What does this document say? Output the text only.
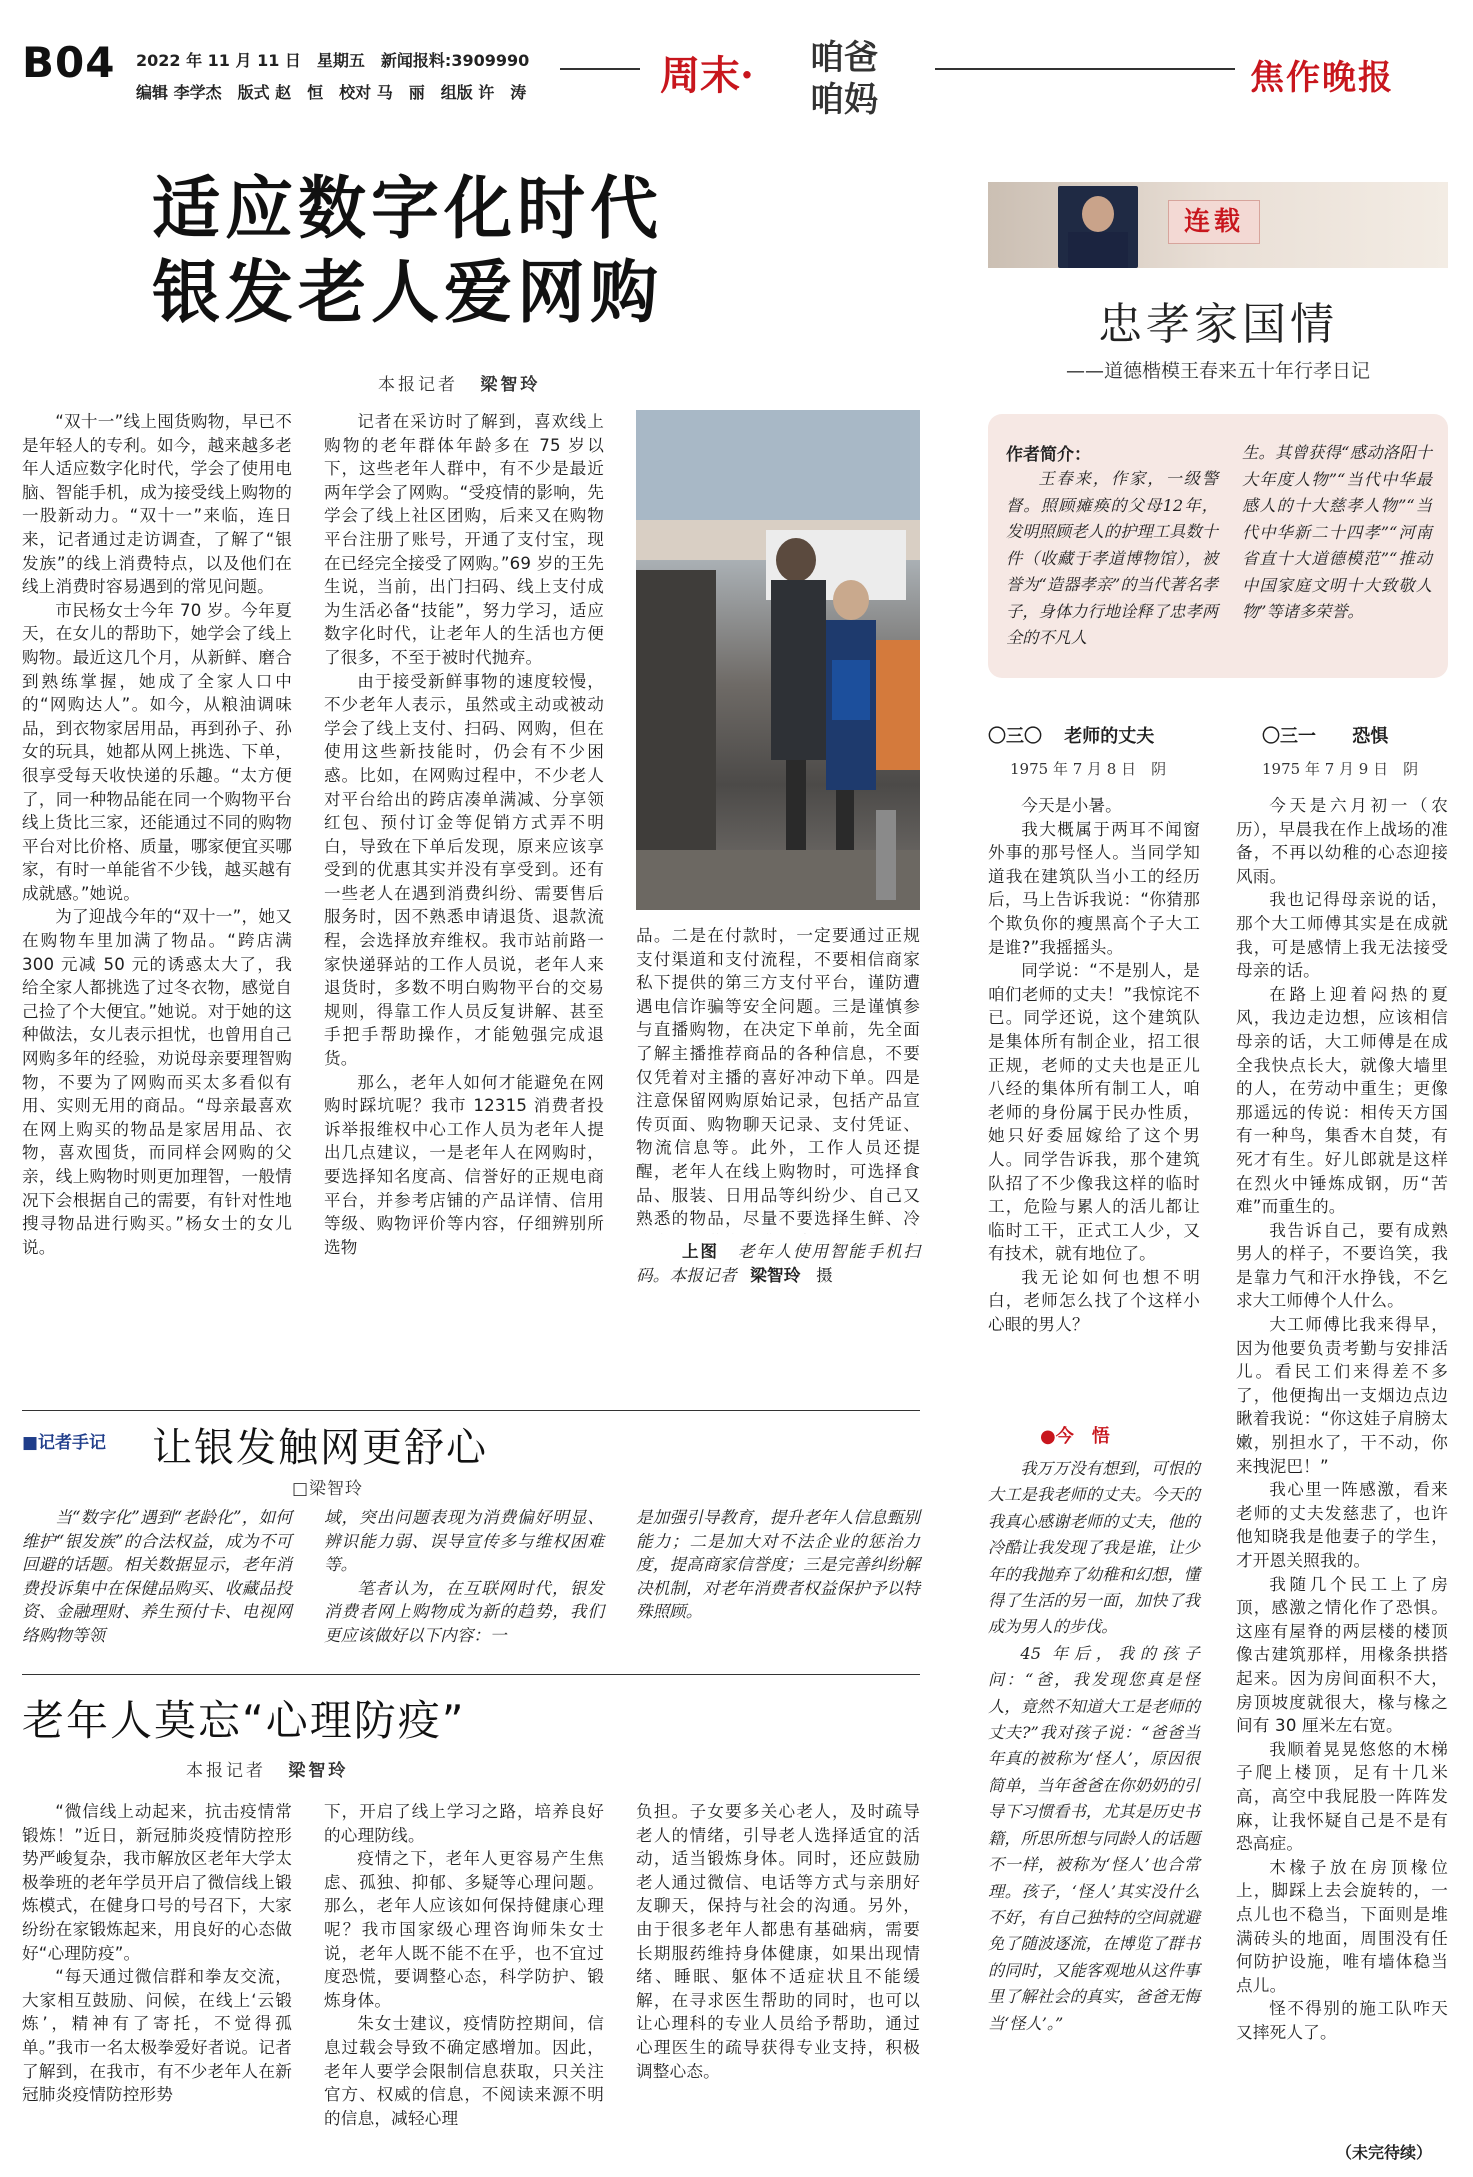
B04 2022 年 11 月 11 日　星期五　新闻报料:3909990
编辑 李学杰　版式 赵　恒　校对 马　丽　组版 许　涛	周末· 咱爸
咱妈
焦作晚报
适应数字化时代
银发老人爱网购
本报记者 梁智玲

“双十一”线上囤货购物，早已不是年轻人的专利。如今，越来越多老年人适应数字化时代，学会了使用电脑、智能手机，成为接受线上购物的一股新动力。“双十一”来临，连日来，记者通过走访调查，了解了“银发族”的线上消费特点，以及他们在线上消费时容易遇到的常见问题。

市民杨女士今年 70 岁。今年夏天，在女儿的帮助下，她学会了线上购物。最近这几个月，从新鲜、磨合到熟练掌握，她成了全家人口中的“网购达人”。如今，从粮油调味品，到衣物家居用品，再到孙子、孙女的玩具，她都从网上挑选、下单，很享受每天收快递的乐趣。“太方便了，同一种物品能在同一个购物平台线上货比三家，还能通过不同的购物平台对比价格、质量，哪家便宜买哪家，有时一单能省不少钱，越买越有成就感。”她说。

为了迎战今年的“双十一”，她又在购物车里加满了物品。“跨店满 300 元减 50 元的诱惑太大了，我给全家人都挑选了过冬衣物，感觉自己捡了个大便宜。”她说。对于她的这种做法，女儿表示担忧，也曾用自己网购多年的经验，劝说母亲要理智购物，不要为了网购而买太多看似有用、实则无用的商品。“母亲最喜欢在网上购买的物品是家居用品、衣物，喜欢囤货，而同样会网购的父亲，线上购物时则更加理智，一般情况下会根据自己的需要，有针对性地搜寻物品进行购买。”杨女士的女儿说。

记者在采访时了解到，喜欢线上购物的老年群体年龄多在 75 岁以下，这些老年人群中，有不少是最近两年学会了网购。“受疫情的影响，先学会了线上社区团购，后来又在购物平台注册了账号，开通了支付宝，现在已经完全接受了网购。”69 岁的王先生说，当前，出门扫码、线上支付成为生活必备“技能”，努力学习，适应数字化时代，让老年人的生活也方便了很多，不至于被时代抛弃。

由于接受新鲜事物的速度较慢，不少老年人表示，虽然或主动或被动学会了线上支付、扫码、网购，但在使用这些新技能时，仍会有不少困惑。比如，在网购过程中，不少老人对平台给出的跨店凑单满减、分享领红包、预付订金等促销方式弄不明白，导致在下单后发现，原来应该享受到的优惠其实并没有享受到。还有一些老人在遇到消费纠纷、需要售后服务时，因不熟悉申请退货、退款流程，会选择放弃维权。我市站前路一家快递驿站的工作人员说，老年人来退货时，多数不明白购物平台的交易规则，得靠工作人员反复讲解、甚至手把手帮助操作，才能勉强完成退货。

那么，老年人如何才能避免在网购时踩坑呢？我市 12315 消费者投诉举报维权中心工作人员为老年人提出几点建议，一是老年人在网购时，要选择知名度高、信誉好的正规电商平台，并参考店铺的产品详情、信用等级、购物评价等内容，仔细辨别所选物

品。二是在付款时，一定要通过正规支付渠道和支付流程，不要相信商家私下提供的第三方支付平台，谨防遭遇电信诈骗等安全问题。三是谨慎参与直播购物，在决定下单前，先全面了解主播推荐商品的各种信息，不要仅凭着对主播的喜好冲动下单。四是注意保留网购原始记录，包括产品宣传页面、购物聊天记录、支付凭证、物流信息等。此外，工作人员还提醒，老年人在线上购物时，可选择食品、服装、日用品等纠纷少、自己又熟悉的物品，尽量不要选择生鲜、冷

上图 老年人使用智能手机扫码。本报记者 梁智玲 摄
■记者手记 让银发触网更舒心
□梁智玲
当“数字化”遇到“老龄化”，如何维护“银发族”的合法权益，成为不可回避的话题。相关数据显示，老年消费投诉集中在保健品购买、收藏品投资、金融理财、养生预付卡、电视网络购物等领
域，突出问题表现为消费偏好明显、辨识能力弱、误导宣传多与维权困难等。
笔者认为，在互联网时代，银发消费者网上购物成为新的趋势，我们更应该做好以下内容：一
是加强引导教育，提升老年人信息甄别能力；二是加大对不法企业的惩治力度，提高商家信誉度；三是完善纠纷解决机制，对老年消费者权益保护予以特殊照顾。
老年人莫忘“心理防疫”
本报记者 梁智玲

“微信线上动起来，抗击疫情常锻炼！”近日，新冠肺炎疫情防控形势严峻复杂，我市解放区老年大学太极拳班的老年学员开启了微信线上锻炼模式，在健身口号的号召下，大家纷纷在家锻炼起来，用良好的心态做好“心理防疫”。

“每天通过微信群和拳友交流，大家相互鼓励、问候，在线上‘云锻炼’，精神有了寄托，不觉得孤单。”我市一名太极拳爱好者说。记者了解到，在我市，有不少老年人在新冠肺炎疫情防控形势

下，开启了线上学习之路，培养良好的心理防线。

疫情之下，老年人更容易产生焦虑、孤独、抑郁、多疑等心理问题。那么，老年人应该如何保持健康心理呢？我市国家级心理咨询师朱女士说，老年人既不能不在乎，也不宜过度恐慌，要调整心态，科学防护、锻炼身体。

朱女士建议，疫情防控期间，信息过载会导致不确定感增加。因此，老年人要学会限制信息获取，只关注官方、权威的信息，不阅读来源不明的信息，减轻心理

负担。子女要多关心老人，及时疏导老人的情绪，引导老人选择适宜的活动，适当锻炼身体。同时，还应鼓励老人通过微信、电话等方式与亲朋好友聊天，保持与社会的沟通。另外，由于很多老年人都患有基础病，需要长期服药维持身体健康，如果出现情绪、睡眠、躯体不适症状且不能缓解，在寻求医生帮助的同时，也可以让心理科的专业人员给予帮助，通过心理医生的疏导获得专业支持，积极调整心态。

连载
忠孝家国情
——道德楷模王春来五十年行孝日记
作者简介：
王春来，作家，一级警督。照顾瘫痪的父母12年，发明照顾老人的护理工具数十件（收藏于孝道博物馆），被誉为“造器孝亲”的当代著名孝子，身体力行地诠释了忠孝两全的不凡人
生。其曾获得“感动洛阳十大年度人物”“当代中华最感人的十大慈孝人物”“当代中华新二十四孝”“河南省直十大道德模范”“推动中国家庭文明十大致敬人物”等诸多荣誉。
〇三〇 老师的丈夫
1975 年 7 月 8 日　阴

今天是小暑。

我大概属于两耳不闻窗外事的那号怪人。当同学知道我在建筑队当小工的经历后，马上告诉我说：“你猜那个欺负你的瘦黑高个子大工是谁?”我摇摇头。

同学说：“不是别人，是咱们老师的丈夫！”我惊诧不已。同学还说，这个建筑队是集体所有制企业，招工很正规，老师的丈夫也是正儿八经的集体所有制工人，咱老师的身份属于民办性质，她只好委屈嫁给了这个男人。同学告诉我，那个建筑队招了不少像我这样的临时工，危险与累人的活儿都让临时工干，正式工人少，又有技术，就有地位了。

我无论如何也想不明白，老师怎么找了个这样小心眼的男人？

●今　悟

我万万没有想到，可恨的大工是我老师的丈夫。今天的我真心感谢老师的丈夫，他的冷酷让我发现了我是谁，让少年的我抛弃了幼稚和幻想，懂得了生活的另一面，加快了我成为男人的步伐。

45 年后，我的孩子问：“爸，我发现您真是怪人，竟然不知道大工是老师的丈夫?”我对孩子说：“爸爸当年真的被称为‘怪人’，原因很简单，当年爸爸在你奶奶的引导下习惯看书，尤其是历史书籍，所思所想与同龄人的话题不一样，被称为‘怪人’也合常理。孩子，‘怪人’其实没什么不好，有自己独特的空间就避免了随波逐流，在博览了群书的同时，又能客观地从这件事里了解社会的真实，爸爸无悔当‘怪人’。”

〇三一 恐惧
1975 年 7 月 9 日　阴

今天是六月初一（农历），早晨我在作上战场的准备，不再以幼稚的心态迎接风雨。

我也记得母亲说的话，那个大工师傅其实是在成就我，可是感情上我无法接受母亲的话。

在路上迎着闷热的夏风，我边走边想，应该相信母亲的话，大工师傅是在成全我快点长大，就像大墙里的人，在劳动中重生；更像那遥远的传说：相传天方国有一种鸟，集香木自焚，有死才有生。好儿郎就是这样在烈火中锤炼成钢，历“苦难”而重生的。

我告诉自己，要有成熟男人的样子，不要诌笑，我是靠力气和汗水挣钱，不乞求大工师傅个人什么。

大工师傅比我来得早，因为他要负责考勤与安排活儿。看民工们来得差不多了，他便掏出一支烟边点边瞅着我说：“你这娃子肩膀太嫩，别担水了，干不动，你来拽泥巴！”

我心里一阵感激，看来老师的丈夫发慈悲了，也许他知晓我是他妻子的学生，才开恩关照我的。

我随几个民工上了房顶，感激之情化作了恐惧。这座有屋脊的两层楼的楼顶像古建筑那样，用椽条拱搭起来。因为房间面积不大，房顶坡度就很大，椽与椽之间有 30 厘米左右宽。

我顺着晃晃悠悠的木梯子爬上楼顶，足有十几米高，高空中我屁股一阵阵发麻，让我怀疑自己是不是有恐高症。

木椽子放在房顶椽位上，脚踩上去会旋转的，一点儿也不稳当，下面则是堆满砖头的地面，周围没有任何防护设施，唯有墙体稳当点儿。

怪不得别的施工队咋天又摔死人了。

（未完待续）
